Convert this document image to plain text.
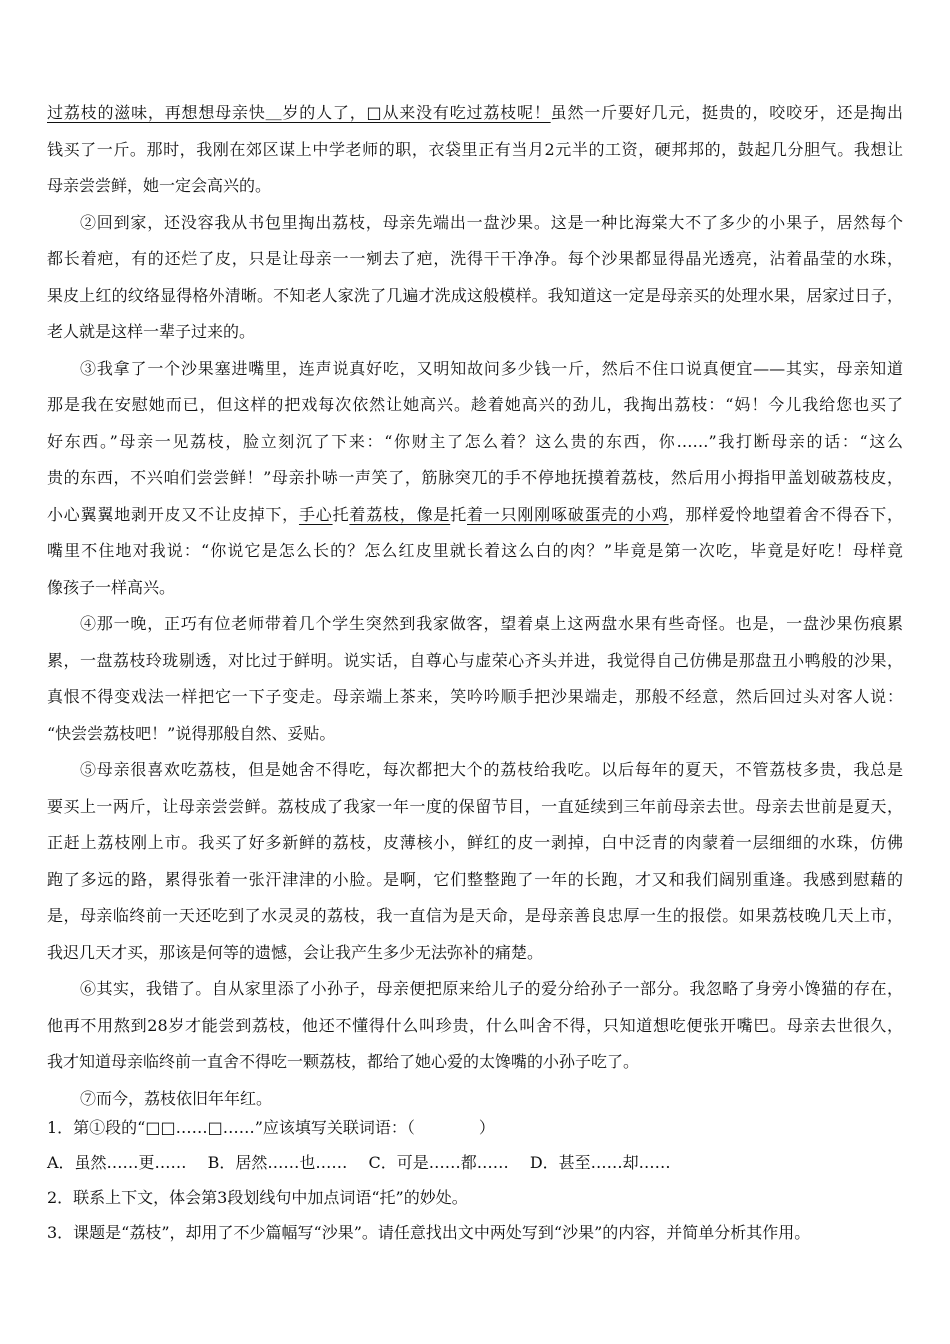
过荔枝的滋味，再想想母亲快＿岁的人了，□从来没有吃过荔枝呢！虽然一斤要好几元，挺贵的，咬咬牙，还是掏出
钱买了一斤。那时，我刚在郊区谋上中学老师的职，衣袋里正有当月2元半的工资，硬邦邦的，鼓起几分胆气。我想让
母亲尝尝鲜，她一定会高兴的。
②回到家，还没容我从书包里掏出荔枝，母亲先端出一盘沙果。这是一种比海棠大不了多少的小果子，居然每个
都长着疤，有的还烂了皮，只是让母亲一一剜去了疤，洗得干干净净。每个沙果都显得晶光透亮，沾着晶莹的水珠，
果皮上红的纹络显得格外清晰。不知老人家洗了几遍才洗成这般模样。我知道这一定是母亲买的处理水果，居家过日子，
老人就是这样一辈子过来的。
③我拿了一个沙果塞进嘴里，连声说真好吃，又明知故问多少钱一斤，然后不住口说真便宜——其实，母亲知道
那是我在安慰她而已，但这样的把戏每次依然让她高兴。趁着她高兴的劲儿，我掏出荔枝：“妈！今儿我给您也买了
好东西。”母亲一见荔枝，脸立刻沉了下来：“你财主了怎么着？这么贵的东西，你……”我打断母亲的话：“这么
贵的东西，不兴咱们尝尝鲜！”母亲扑哧一声笑了，筋脉突兀的手不停地抚摸着荔枝，然后用小拇指甲盖划破荔枝皮，
小心翼翼地剥开皮又不让皮掉下，手心托着荔枝，像是托着一只刚刚啄破蛋壳的小鸡，那样爱怜地望着舍不得吞下，
嘴里不住地对我说：“你说它是怎么长的？怎么红皮里就长着这么白的肉？”毕竟是第一次吃，毕竟是好吃！母样竟
像孩子一样高兴。
④那一晚，正巧有位老师带着几个学生突然到我家做客，望着桌上这两盘水果有些奇怪。也是，一盘沙果伤痕累
累，一盘荔枝玲珑剔透，对比过于鲜明。说实话，自尊心与虚荣心齐头并进，我觉得自己仿佛是那盘丑小鸭般的沙果，
真恨不得变戏法一样把它一下子变走。母亲端上茶来，笑吟吟顺手把沙果端走，那般不经意，然后回过头对客人说：
“快尝尝荔枝吧！”说得那般自然、妥贴。
⑤母亲很喜欢吃荔枝，但是她舍不得吃，每次都把大个的荔枝给我吃。以后每年的夏天，不管荔枝多贵，我总是
要买上一两斤，让母亲尝尝鲜。荔枝成了我家一年一度的保留节目，一直延续到三年前母亲去世。母亲去世前是夏天，
正赶上荔枝刚上市。我买了好多新鲜的荔枝，皮薄核小，鲜红的皮一剥掉，白中泛青的肉蒙着一层细细的水珠，仿佛
跑了多远的路，累得张着一张汗津津的小脸。是啊，它们整整跑了一年的长跑，才又和我们阔别重逢。我感到慰藉的
是，母亲临终前一天还吃到了水灵灵的荔枝，我一直信为是天命，是母亲善良忠厚一生的报偿。如果荔枝晚几天上市，
我迟几天才买，那该是何等的遗憾，会让我产生多少无法弥补的痛楚。
⑥其实，我错了。自从家里添了小孙子，母亲便把原来给儿子的爱分给孙子一部分。我忽略了身旁小馋猫的存在，
他再不用熬到28岁才能尝到荔枝，他还不懂得什么叫珍贵，什么叫舍不得，只知道想吃便张开嘴巴。母亲去世很久，
我才知道母亲临终前一直舍不得吃一颗荔枝，都给了她心爱的太馋嘴的小孙子吃了。
⑦而今，荔枝依旧年年红。
1．第①段的“□□……□……”应该填写关联词语：（　　　　）
A．虽然……更……　 B．居然……也……　 C．可是……都……　 D．甚至……却……
2．联系上下文，体会第3段划线句中加点词语“托”的妙处。
3．课题是“荔枝”，却用了不少篇幅写“沙果”。请任意找出文中两处写到“沙果”的内容，并简单分析其作用。
